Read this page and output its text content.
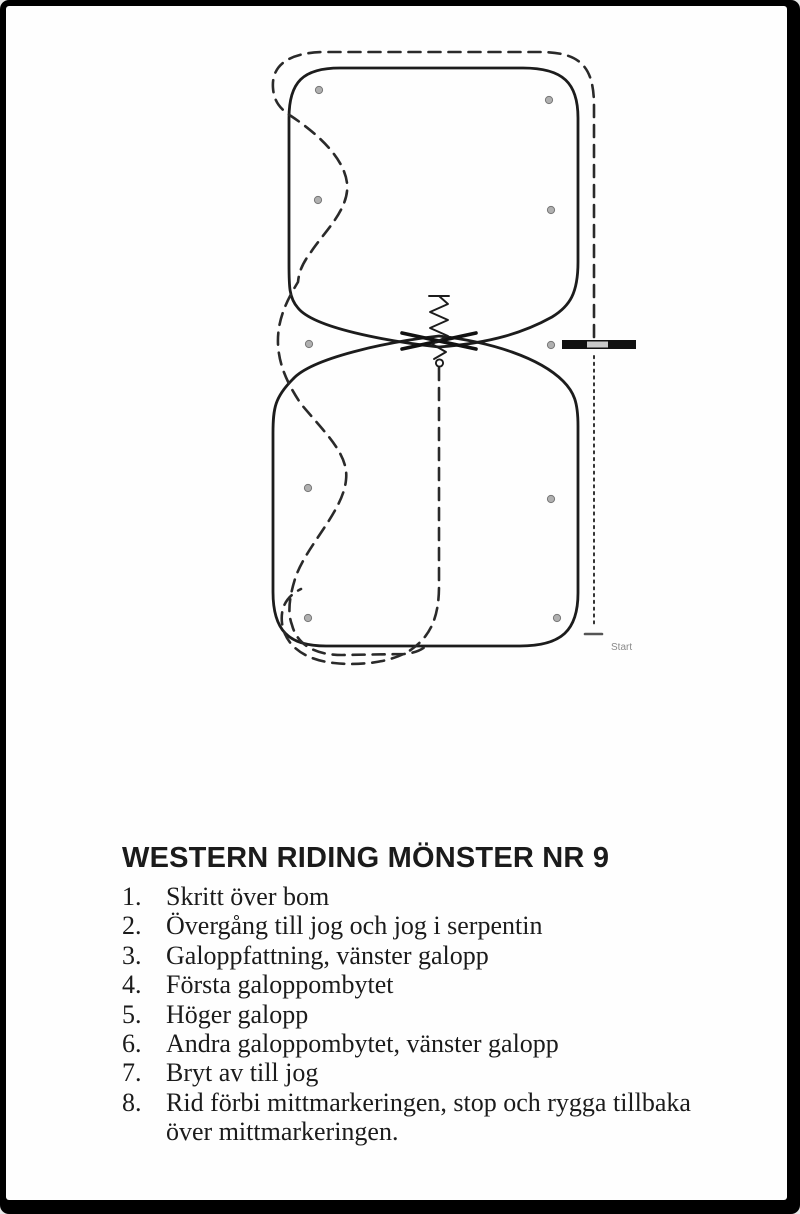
Start
WESTERN RIDING MÖNSTER NR 9
1. Skritt över bom
2. Övergång till jog och jog i serpentin
3. Galoppfattning, vänster galopp
4. Första galoppombytet
5. Höger galopp
6. Andra galoppombytet, vänster galopp
7. Bryt av till jog
8. Rid förbi mittmarkeringen, stop och rygga tillbaka över mittmarkeringen.
